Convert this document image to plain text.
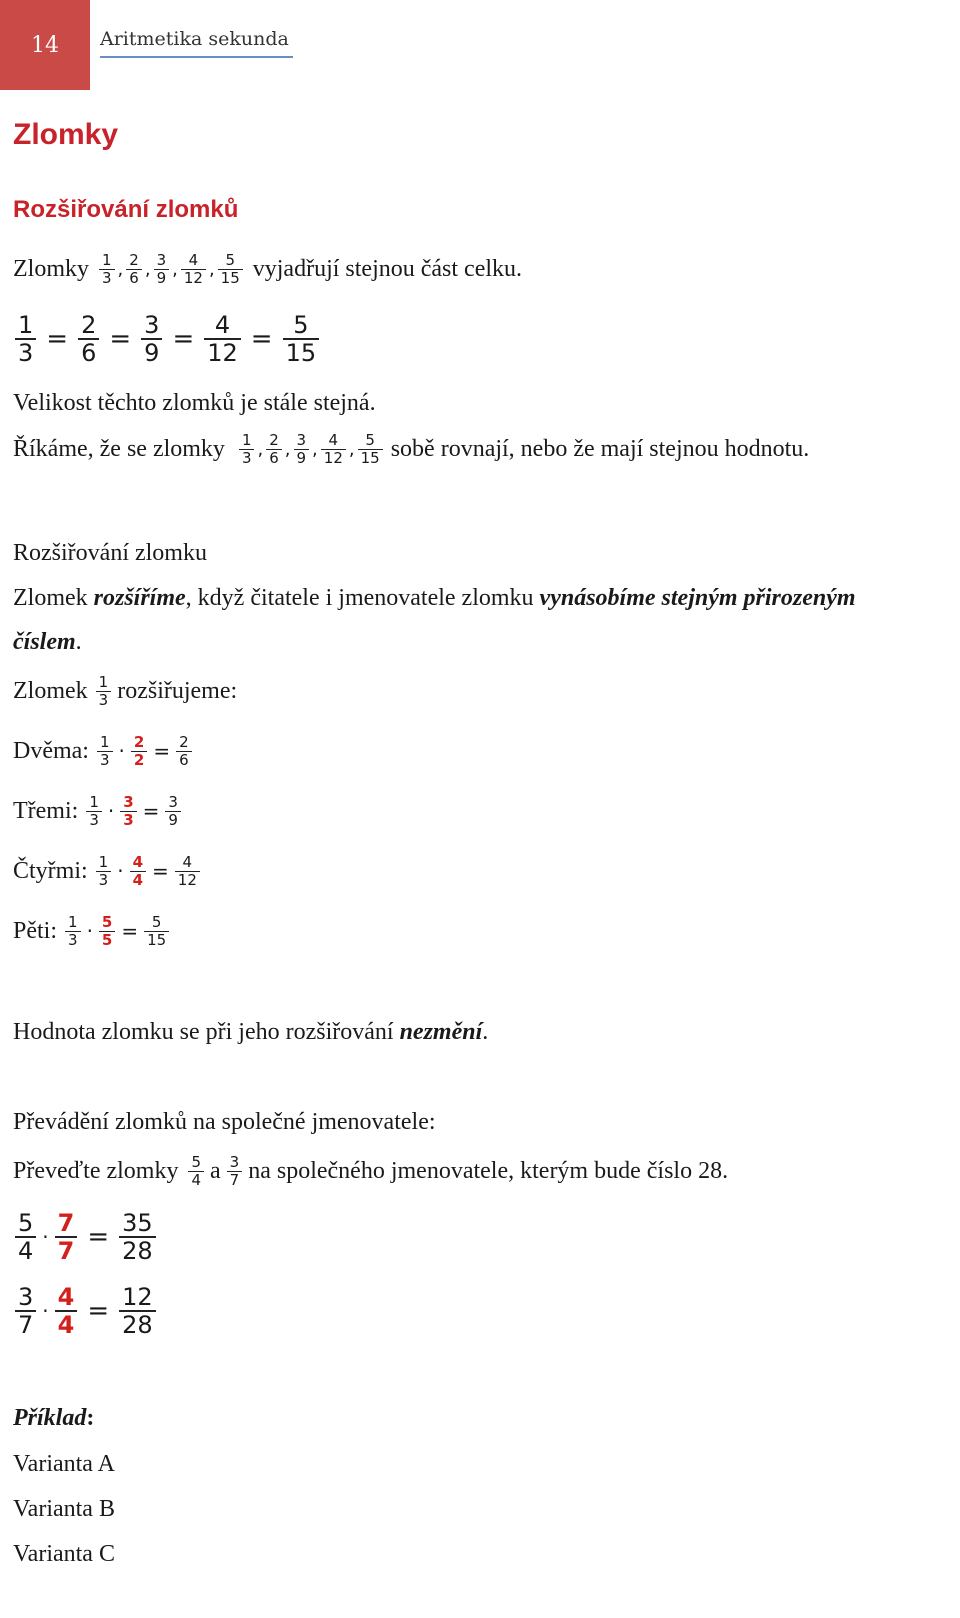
14	Aritmetika sekunda
Zlomky
Rozšiřování zlomků
Zlomky $\frac{1}{3}$ , $\frac{2}{6}$ , $\frac{3}{9}$ , $\frac{4}{12}$ , $\frac{5}{15}$ vyjadřují stejnou část celku.
$\frac{1}{3} = \frac{2}{6} = \frac{3}{9} = \frac{4}{12} = \frac{5}{15}$
Velikost těchto zlomků je stále stejná.
Říkáme, že se zlomky $\frac{1}{3}$ , $\frac{2}{6}$ , $\frac{3}{9}$ , $\frac{4}{12}$ , $\frac{5}{15}$ sobě rovnají, nebo že mají stejnou hodnotu.
Rozšiřování zlomku
Zlomek rozšíříme , když čitatele i jmenovatele zlomku vynásobíme stejným přirozeným
číslem .
Zlomek $\frac{1}{3}$ rozšiřujeme:
Dvěma: $\frac{1}{3} \cdot \frac{2}{2} = \frac{2}{6}$
Třemi: $\frac{1}{3} \cdot \frac{3}{3} = \frac{3}{9}$
Čtyřmi: $\frac{1}{3} \cdot \frac{4}{4} = \frac{4}{12}$
Pěti: $\frac{1}{3} \cdot \frac{5}{5} = \frac{5}{15}$
Hodnota zlomku se při jeho rozšiřování nezmění .
Převádění zlomků na společné jmenovatele:
Převeďte zlomky $\frac{5}{4}$ a $\frac{3}{7}$ na společného jmenovatele, kterým bude číslo 28.
$\frac{5}{4} \cdot \frac{7}{7} = \frac{35}{28}$
$\frac{3}{7} \cdot \frac{4}{4} = \frac{12}{28}$
Příklad :
Varianta A
Varianta B
Varianta C
